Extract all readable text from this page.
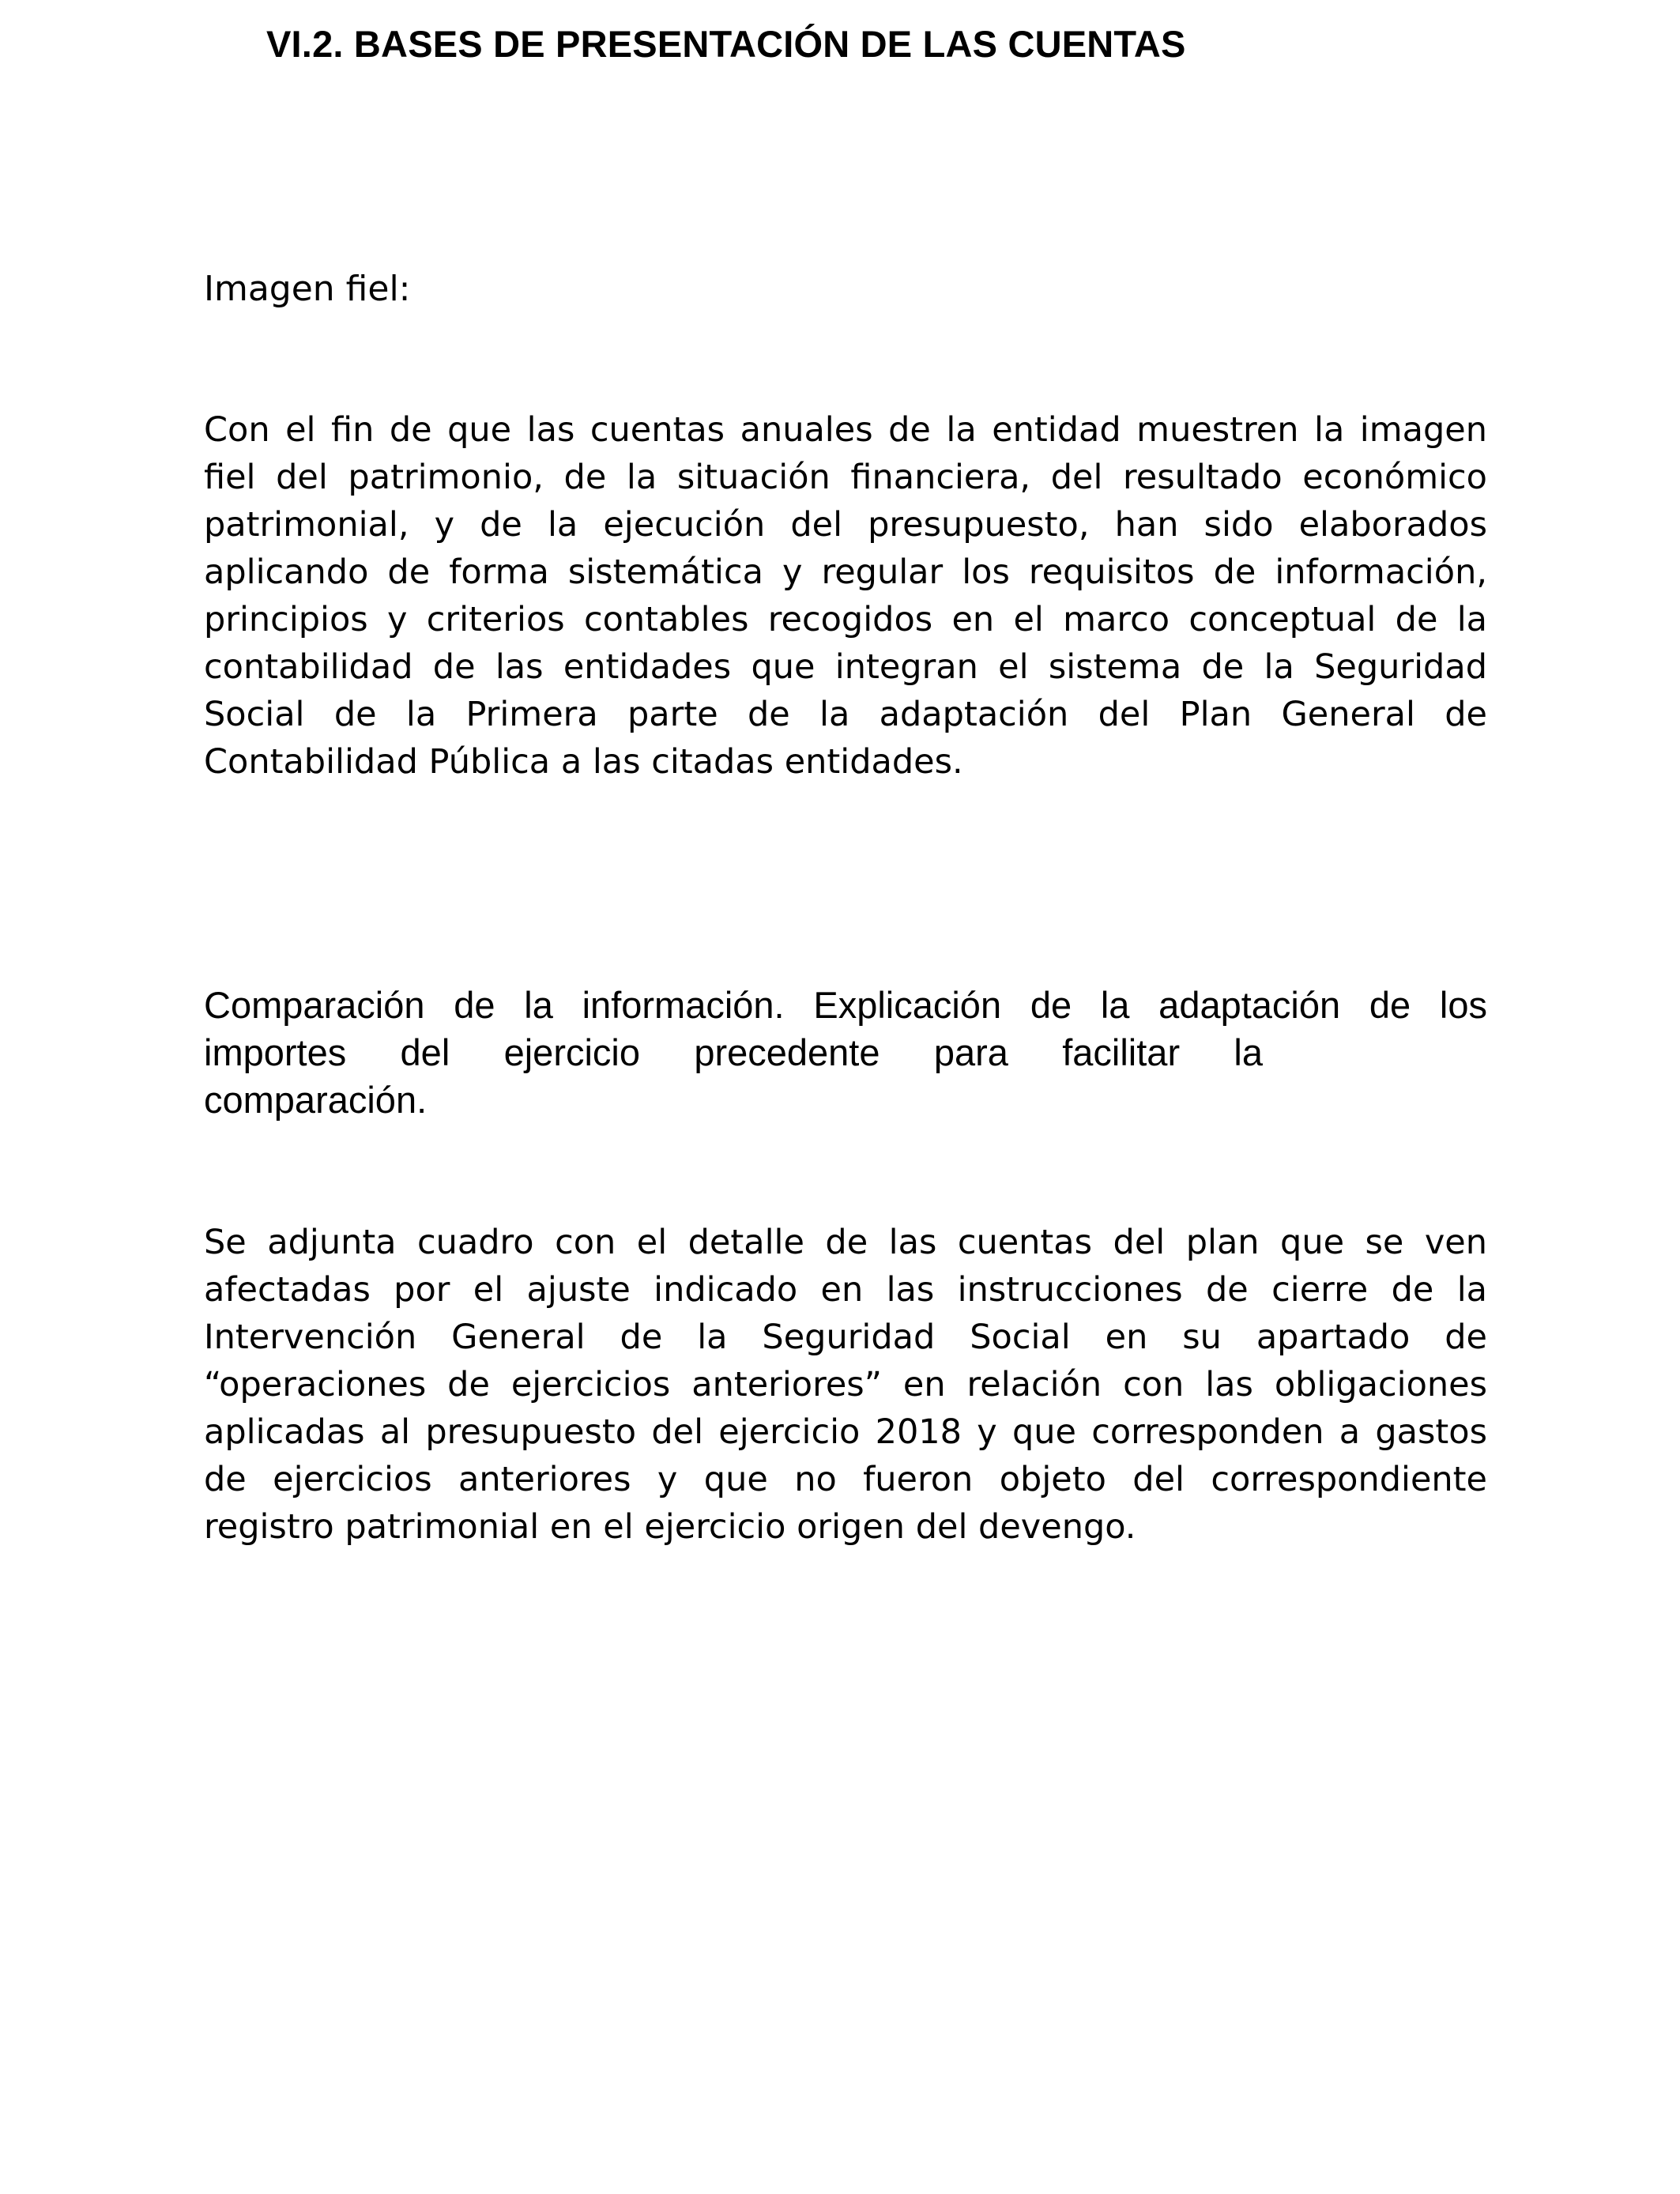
VI.2. BASES DE PRESENTACIÓN DE LAS CUENTAS
Imagen fiel:

Con el fin de que las cuentas anuales de la entidad muestren la imagen
fiel del patrimonio, de la situación financiera, del resultado económico
patrimonial, y de la ejecución del presupuesto, han sido elaborados
aplicando de forma sistemática y regular los requisitos de información,
principios y criterios contables recogidos en el marco conceptual de la
contabilidad de las entidades que integran el sistema de la Seguridad
Social de la Primera parte de la adaptación del Plan General de
Contabilidad Pública a las citadas entidades.

Comparación de la información. Explicación de la adaptación de los
importes del ejercicio precedente para facilitar la
comparación.

Se adjunta cuadro con el detalle de las cuentas del plan que se ven
afectadas por el ajuste indicado en las instrucciones de cierre de la
Intervención General de la Seguridad Social en su apartado de
“operaciones de ejercicios anteriores” en relación con las obligaciones
aplicadas al presupuesto del ejercicio 2018 y que corresponden a gastos
de ejercicios anteriores y que no fueron objeto del correspondiente
registro patrimonial en el ejercicio origen del devengo.
